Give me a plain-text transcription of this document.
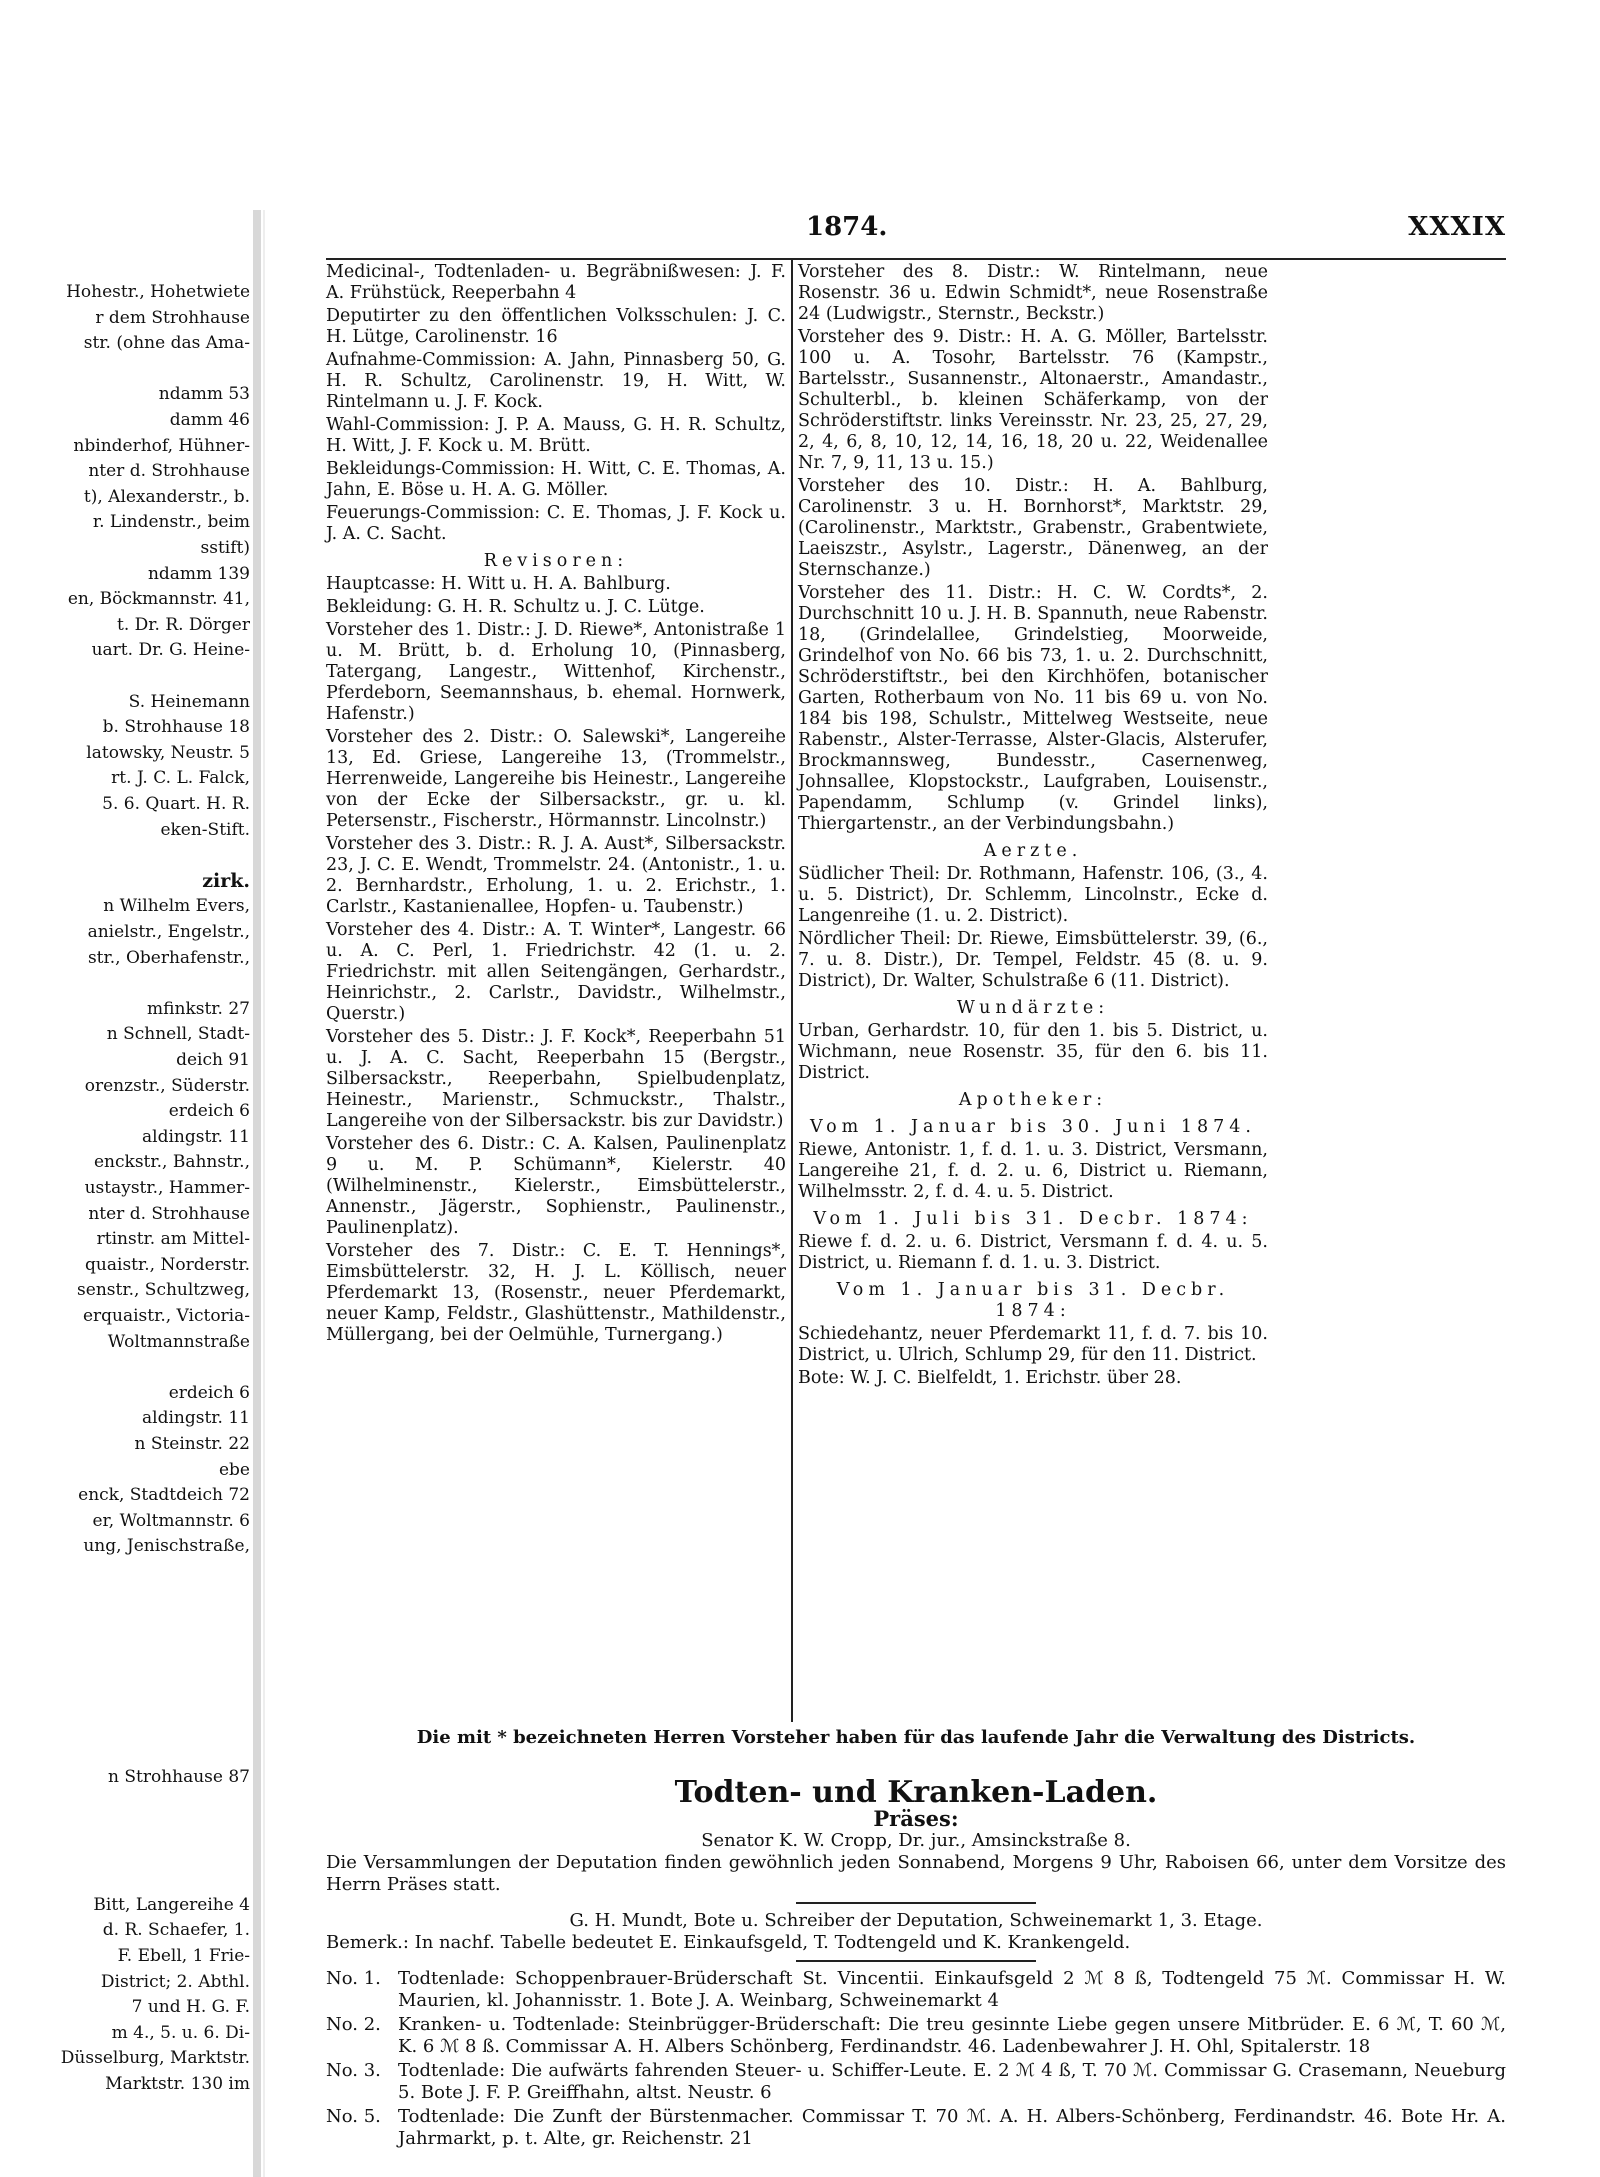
Hohestr., Hohetwiete
r dem Strohhause
str. (ohne das Ama-
ndamm 53
damm 46
nbinderhof, Hühner-
nter d. Strohhause
t), Alexanderstr., b.
r. Lindenstr., beim
sstift)
ndamm 139
en, Böckmannstr. 41,
t. Dr. R. Dörger
uart. Dr. G. Heine-
S. Heinemann
b. Strohhause 18
latowsky, Neustr. 5
rt. J. C. L. Falck,
5. 6. Quart. H. R.
eken-Stift.
zirk.
n Wilhelm Evers,
anielstr., Engelstr.,
str., Oberhafenstr.,
mfinkstr. 27
n Schnell, Stadt-
deich 91
orenzstr., Süderstr.
erdeich 6
aldingstr. 11
enckstr., Bahnstr.,
ustaystr., Hammer-
nter d. Strohhause
rtinstr. am Mittel-
quaistr., Norderstr.
senstr., Schultzweg,
erquaistr., Victoria-
Woltmannstraße
erdeich 6
aldingstr. 11
n Steinstr. 22
ebe
enck, Stadtdeich 72
er, Woltmannstr. 6
ung, Jenischstraße,
n Strohhause 87
Bitt, Langereihe 4
d. R. Schaefer, 1.
F. Ebell, 1 Frie-
District; 2. Abthl.
7 und H. G. F.
m 4., 5. u. 6. Di-
Düsselburg, Marktstr.
Marktstr. 130 im
1874.	XXXIX

Medicinal-, Todtenladen- u. Begräbnißwesen: J. F. A. Frühstück, Reeperbahn 4

Deputirter zu den öffentlichen Volksschulen: J. C. H. Lütge, Carolinenstr. 16

Aufnahme-Commission: A. Jahn, Pinnasberg 50, G. H. R. Schultz, Carolinenstr. 19, H. Witt, W. Rintelmann u. J. F. Kock.

Wahl-Commission: J. P. A. Mauss, G. H. R. Schultz, H. Witt, J. F. Kock u. M. Brütt.

Bekleidungs-Commission: H. Witt, C. E. Thomas, A. Jahn, E. Böse u. H. A. G. Möller.

Feuerungs-Commission: C. E. Thomas, J. F. Kock u. J. A. C. Sacht.

Revisoren:

Hauptcasse: H. Witt u. H. A. Bahlburg.

Bekleidung: G. H. R. Schultz u. J. C. Lütge.

Vorsteher des 1. Distr.: J. D. Riewe*, Antonistraße 1 u. M. Brütt, b. d. Erholung 10, (Pinnasberg, Tatergang, Langestr., Wittenhof, Kirchenstr., Pferdeborn, Seemannshaus, b. ehemal. Hornwerk, Hafenstr.)

Vorsteher des 2. Distr.: O. Salewski*, Langereihe 13, Ed. Griese, Langereihe 13, (Trommelstr., Herrenweide, Langereihe bis Heinestr., Langereihe von der Ecke der Silbersackstr., gr. u. kl. Petersenstr., Fischerstr., Hörmannstr. Lincolnstr.)

Vorsteher des 3. Distr.: R. J. A. Aust*, Silbersackstr. 23, J. C. E. Wendt, Trommelstr. 24. (Antonistr., 1. u. 2. Bernhardstr., Erholung, 1. u. 2. Erichstr., 1. Carlstr., Kastanienallee, Hopfen- u. Taubenstr.)

Vorsteher des 4. Distr.: A. T. Winter*, Langestr. 66 u. A. C. Perl, 1. Friedrichstr. 42 (1. u. 2. Friedrichstr. mit allen Seitengängen, Gerhardstr., Heinrichstr., 2. Carlstr., Davidstr., Wilhelmstr., Querstr.)

Vorsteher des 5. Distr.: J. F. Kock*, Reeperbahn 51 u. J. A. C. Sacht, Reeperbahn 15 (Bergstr., Silbersackstr., Reeperbahn, Spielbudenplatz, Heinestr., Marienstr., Schmuckstr., Thalstr., Langereihe von der Silbersackstr. bis zur Davidstr.)

Vorsteher des 6. Distr.: C. A. Kalsen, Paulinenplatz 9 u. M. P. Schümann*, Kielerstr. 40 (Wilhelminenstr., Kielerstr., Eimsbüttelerstr., Annenstr., Jägerstr., Sophienstr., Paulinenstr., Paulinenplatz).

Vorsteher des 7. Distr.: C. E. T. Hennings*, Eimsbüttelerstr. 32, H. J. L. Köllisch, neuer Pferdemarkt 13, (Rosenstr., neuer Pferdemarkt, neuer Kamp, Feldstr., Glashüttenstr., Mathildenstr., Müllergang, bei der Oelmühle, Turnergang.)

Vorsteher des 8. Distr.: W. Rintelmann, neue Rosenstr. 36 u. Edwin Schmidt*, neue Rosenstraße 24 (Ludwigstr., Sternstr., Beckstr.)

Vorsteher des 9. Distr.: H. A. G. Möller, Bartelsstr. 100 u. A. Tosohr, Bartelsstr. 76 (Kampstr., Bartelsstr., Susannenstr., Altonaerstr., Amandastr., Schulterbl., b. kleinen Schäferkamp, von der Schröderstiftstr. links Vereinsstr. Nr. 23, 25, 27, 29, 2, 4, 6, 8, 10, 12, 14, 16, 18, 20 u. 22, Weidenallee Nr. 7, 9, 11, 13 u. 15.)

Vorsteher des 10. Distr.: H. A. Bahlburg, Carolinenstr. 3 u. H. Bornhorst*, Marktstr. 29, (Carolinenstr., Marktstr., Grabenstr., Grabentwiete, Laeiszstr., Asylstr., Lagerstr., Dänenweg, an der Sternschanze.)

Vorsteher des 11. Distr.: H. C. W. Cordts*, 2. Durchschnitt 10 u. J. H. B. Spannuth, neue Rabenstr. 18, (Grindelallee, Grindelstieg, Moorweide, Grindelhof von No. 66 bis 73, 1. u. 2. Durchschnitt, Schröderstiftstr., bei den Kirchhöfen, botanischer Garten, Rotherbaum von No. 11 bis 69 u. von No. 184 bis 198, Schulstr., Mittelweg Westseite, neue Rabenstr., Alster-Terrasse, Alster-Glacis, Alsterufer, Brockmannsweg, Bundesstr., Casernenweg, Johnsallee, Klopstockstr., Laufgraben, Louisenstr., Papendamm, Schlump (v. Grindel links), Thiergartenstr., an der Verbindungsbahn.)

Aerzte.

Südlicher Theil: Dr. Rothmann, Hafenstr. 106, (3., 4. u. 5. District), Dr. Schlemm, Lincolnstr., Ecke d. Langenreihe (1. u. 2. District).

Nördlicher Theil: Dr. Riewe, Eimsbüttelerstr. 39, (6., 7. u. 8. Distr.), Dr. Tempel, Feldstr. 45 (8. u. 9. District), Dr. Walter, Schulstraße 6 (11. District).

Wundärzte:

Urban, Gerhardstr. 10, für den 1. bis 5. District, u. Wichmann, neue Rosenstr. 35, für den 6. bis 11. District.

Apotheker:

Vom 1. Januar bis 30. Juni 1874.

Riewe, Antonistr. 1, f. d. 1. u. 3. District, Versmann, Langereihe 21, f. d. 2. u. 6, District u. Riemann, Wilhelmsstr. 2, f. d. 4. u. 5. District.

Vom 1. Juli bis 31. Decbr. 1874:

Riewe f. d. 2. u. 6. District, Versmann f. d. 4. u. 5. District, u. Riemann f. d. 1. u. 3. District.

Vom 1. Januar bis 31. Decbr. 1874:

Schiedehantz, neuer Pferdemarkt 11, f. d. 7. bis 10. District, u. Ulrich, Schlump 29, für den 11. District.

Bote: W. J. C. Bielfeldt, 1. Erichstr. über 28.

Die mit * bezeichneten Herren Vorsteher haben für das laufende Jahr die Verwaltung des Districts.
Todten- und Kranken-Laden.
Präses:
Senator K. W. Cropp, Dr. jur., Amsinckstraße 8.
Die Versammlungen der Deputation finden gewöhnlich jeden Sonnabend, Morgens 9 Uhr, Raboisen 66, unter dem Vorsitze des Herrn Präses statt.
G. H. Mundt, Bote u. Schreiber der Deputation, Schweinemarkt 1, 3. Etage.
Bemerk.: In nachf. Tabelle bedeutet E. Einkaufsgeld, T. Todtengeld und K. Krankengeld.
No. 1. Todtenlade: Schoppenbrauer-Brüderschaft St. Vincentii. Einkaufsgeld 2 ℳ 8 ß, Todtengeld 75 ℳ. Commissar H. W. Maurien, kl. Johannisstr. 1. Bote J. A. Weinbarg, Schweinemarkt 4
No. 2. Kranken- u. Todtenlade: Steinbrügger-Brüderschaft: Die treu gesinnte Liebe gegen unsere Mitbrüder. E. 6 ℳ, T. 60 ℳ, K. 6 ℳ 8 ß. Commissar A. H. Albers Schönberg, Ferdinandstr. 46. Ladenbewahrer J. H. Ohl, Spitalerstr. 18
No. 3. Todtenlade: Die aufwärts fahrenden Steuer- u. Schiffer-Leute. E. 2 ℳ 4 ß, T. 70 ℳ. Commissar G. Crasemann, Neueburg 5. Bote J. F. P. Greiffhahn, altst. Neustr. 6
No. 5. Todtenlade: Die Zunft der Bürstenmacher. Commissar T. 70 ℳ. A. H. Albers-Schönberg, Ferdinandstr. 46. Bote Hr. A. Jahrmarkt, p. t. Alte, gr. Reichenstr. 21
